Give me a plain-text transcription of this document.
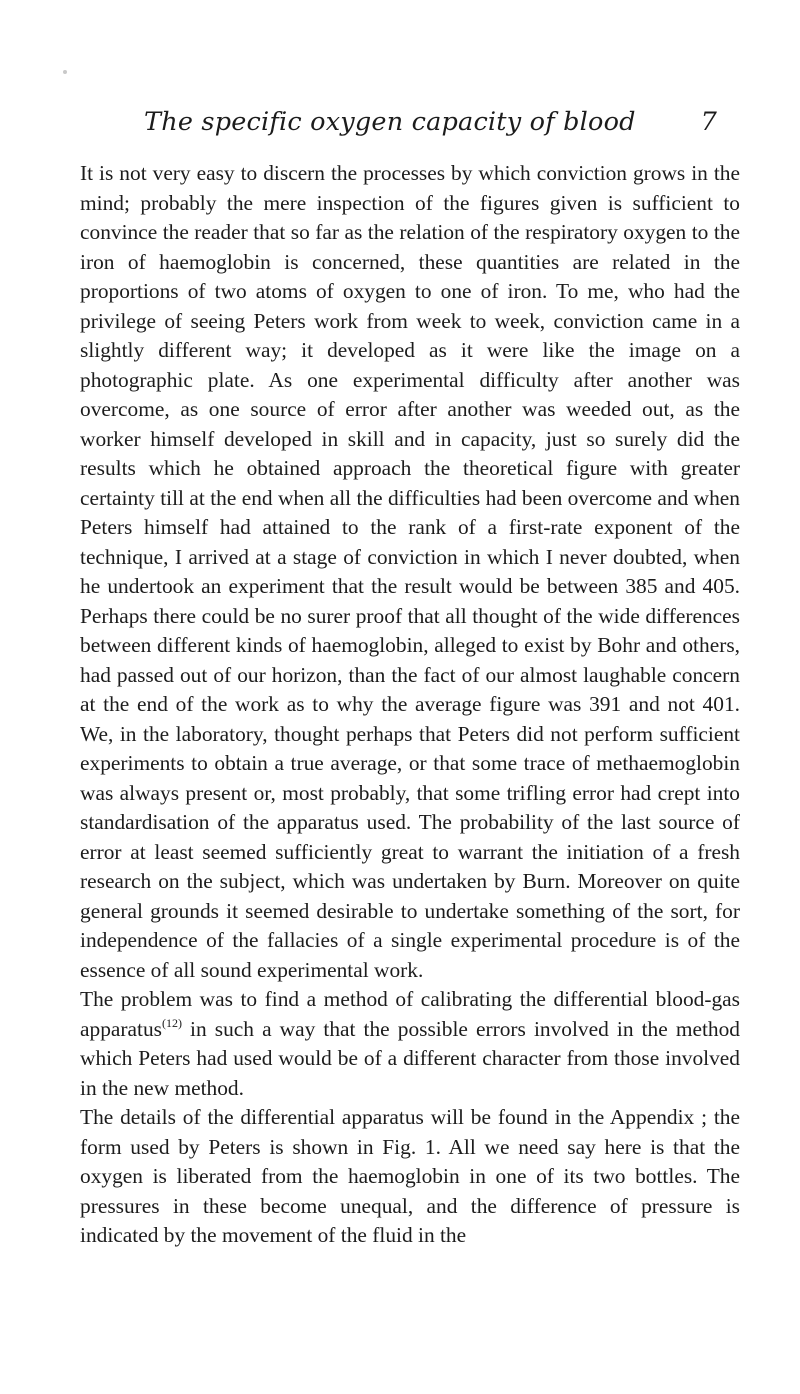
The specific oxygen capacity of blood	7

It is not very easy to discern the processes by which conviction grows in the mind; probably the mere inspection of the figures given is sufficient to convince the reader that so far as the relation of the respiratory oxygen to the iron of haemoglobin is concerned, these quantities are related in the proportions of two atoms of oxygen to one of iron. To me, who had the privilege of seeing Peters work from week to week, conviction came in a slightly different way; it developed as it were like the image on a photographic plate. As one experimental difficulty after another was overcome, as one source of error after another was weeded out, as the worker himself developed in skill and in capacity, just so surely did the results which he obtained approach the theoretical figure with greater certainty till at the end when all the difficulties had been overcome and when Peters himself had attained to the rank of a first-rate exponent of the technique, I arrived at a stage of conviction in which I never doubted, when he undertook an experiment that the result would be between 385 and 405. Perhaps there could be no surer proof that all thought of the wide differences between different kinds of haemoglobin, alleged to exist by Bohr and others, had passed out of our horizon, than the fact of our almost laughable concern at the end of the work as to why the average figure was 391 and not 401. We, in the laboratory, thought perhaps that Peters did not perform sufficient experiments to obtain a true average, or that some trace of methaemoglobin was always present or, most probably, that some trifling error had crept into standardisation of the apparatus used. The probability of the last source of error at least seemed sufficiently great to warrant the initiation of a fresh research on the subject, which was undertaken by Burn. Moreover on quite general grounds it seemed desirable to undertake something of the sort, for independence of the fallacies of a single experimental procedure is of the essence of all sound experimental work.

The problem was to find a method of calibrating the differential blood-gas apparatus$^{(12)}$ in such a way that the possible errors involved in the method which Peters had used would be of a different character from those involved in the new method.

The details of the differential apparatus will be found in the Appendix ; the form used by Peters is shown in Fig. 1. All we need say here is that the oxygen is liberated from the haemoglobin in one of its two bottles. The pressures in these become unequal, and the difference of pressure is indicated by the movement of the fluid in the
